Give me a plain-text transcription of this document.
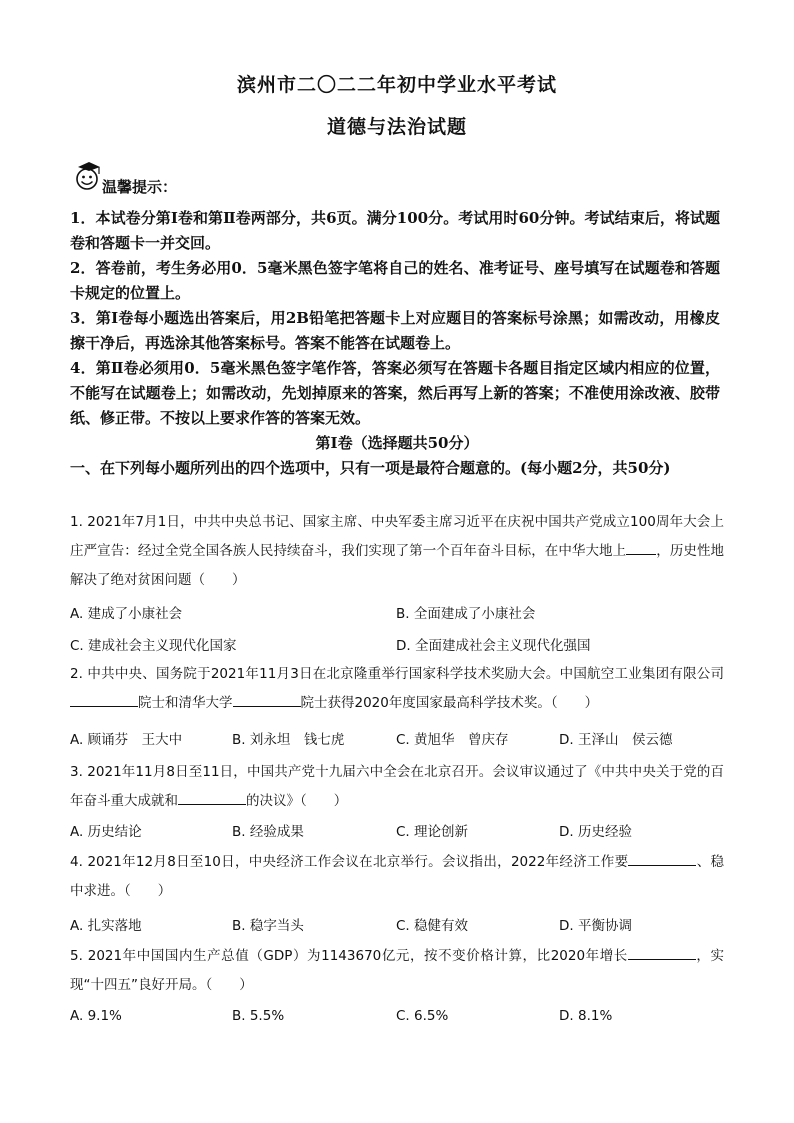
滨州市二〇二二年初中学业水平考试
道德与法治试题
温馨提示：
1．本试卷分第Ⅰ卷和第Ⅱ卷两部分，共6页。满分100分。考试用时60分钟。考试结束后，将试题卷和答题卡一并交回。
2．答卷前，考生务必用0．5毫米黑色签字笔将自己的姓名、准考证号、座号填写在试题卷和答题卡规定的位置上。
3．第Ⅰ卷每小题选出答案后，用2B铅笔把答题卡上对应题目的答案标号涂黑；如需改动，用橡皮擦干净后，再选涂其他答案标号。答案不能答在试题卷上。
4．第Ⅱ卷必须用0．5毫米黑色签字笔作答，答案必须写在答题卡各题目指定区域内相应的位置，不能写在试题卷上；如需改动，先划掉原来的答案，然后再写上新的答案；不准使用涂改液、胶带纸、修正带。不按以上要求作答的答案无效。
第Ⅰ卷（选择题共50分）
一、在下列每小题所列出的四个选项中，只有一项是最符合题意的。(每小题2分，共50分)
1. 2021年7月1日，中共中央总书记、国家主席、中央军委主席习近平在庆祝中国共产党成立100周年大会上庄严宣告：经过全党全国各族人民持续奋斗，我们实现了第一个百年奋斗目标，在中华大地上 ，历史性地解决了绝对贫困问题（　　）
A. 建成了小康社会	B. 全面建成了小康社会
C. 建成社会主义现代化国家	D. 全面建成社会主义现代化强国
2. 中共中央、国务院于2021年11月3日在北京隆重举行国家科学技术奖励大会。中国航空工业集团有限公司院士和清华大学	院士获得2020年度国家最高科学技术奖。（　　）
A. 顾诵芬　王大中	B. 刘永坦　钱七虎	C. 黄旭华　曾庆存	D. 王泽山　侯云德
3. 2021年11月8日至11日，中国共产党十九届六中全会在北京召开。会议审议通过了《中共中央关于党的百年奋斗重大成就和	的决议》（　　）
A. 历史结论	B. 经验成果	C. 理论创新	D. 历史经验
4. 2021年12月8日至10日，中央经济工作会议在北京举行。会议指出，2022年经济工作要	、稳中求进。（　　）
A. 扎实落地	B. 稳字当头	C. 稳健有效	D. 平衡协调
5. 2021年中国国内生产总值（GDP）为1143670亿元，按不变价格计算，比2020年增长	，实现“十四五”良好开局。（　　）
A. 9.1%	B. 5.5%	C. 6.5%	D. 8.1%
